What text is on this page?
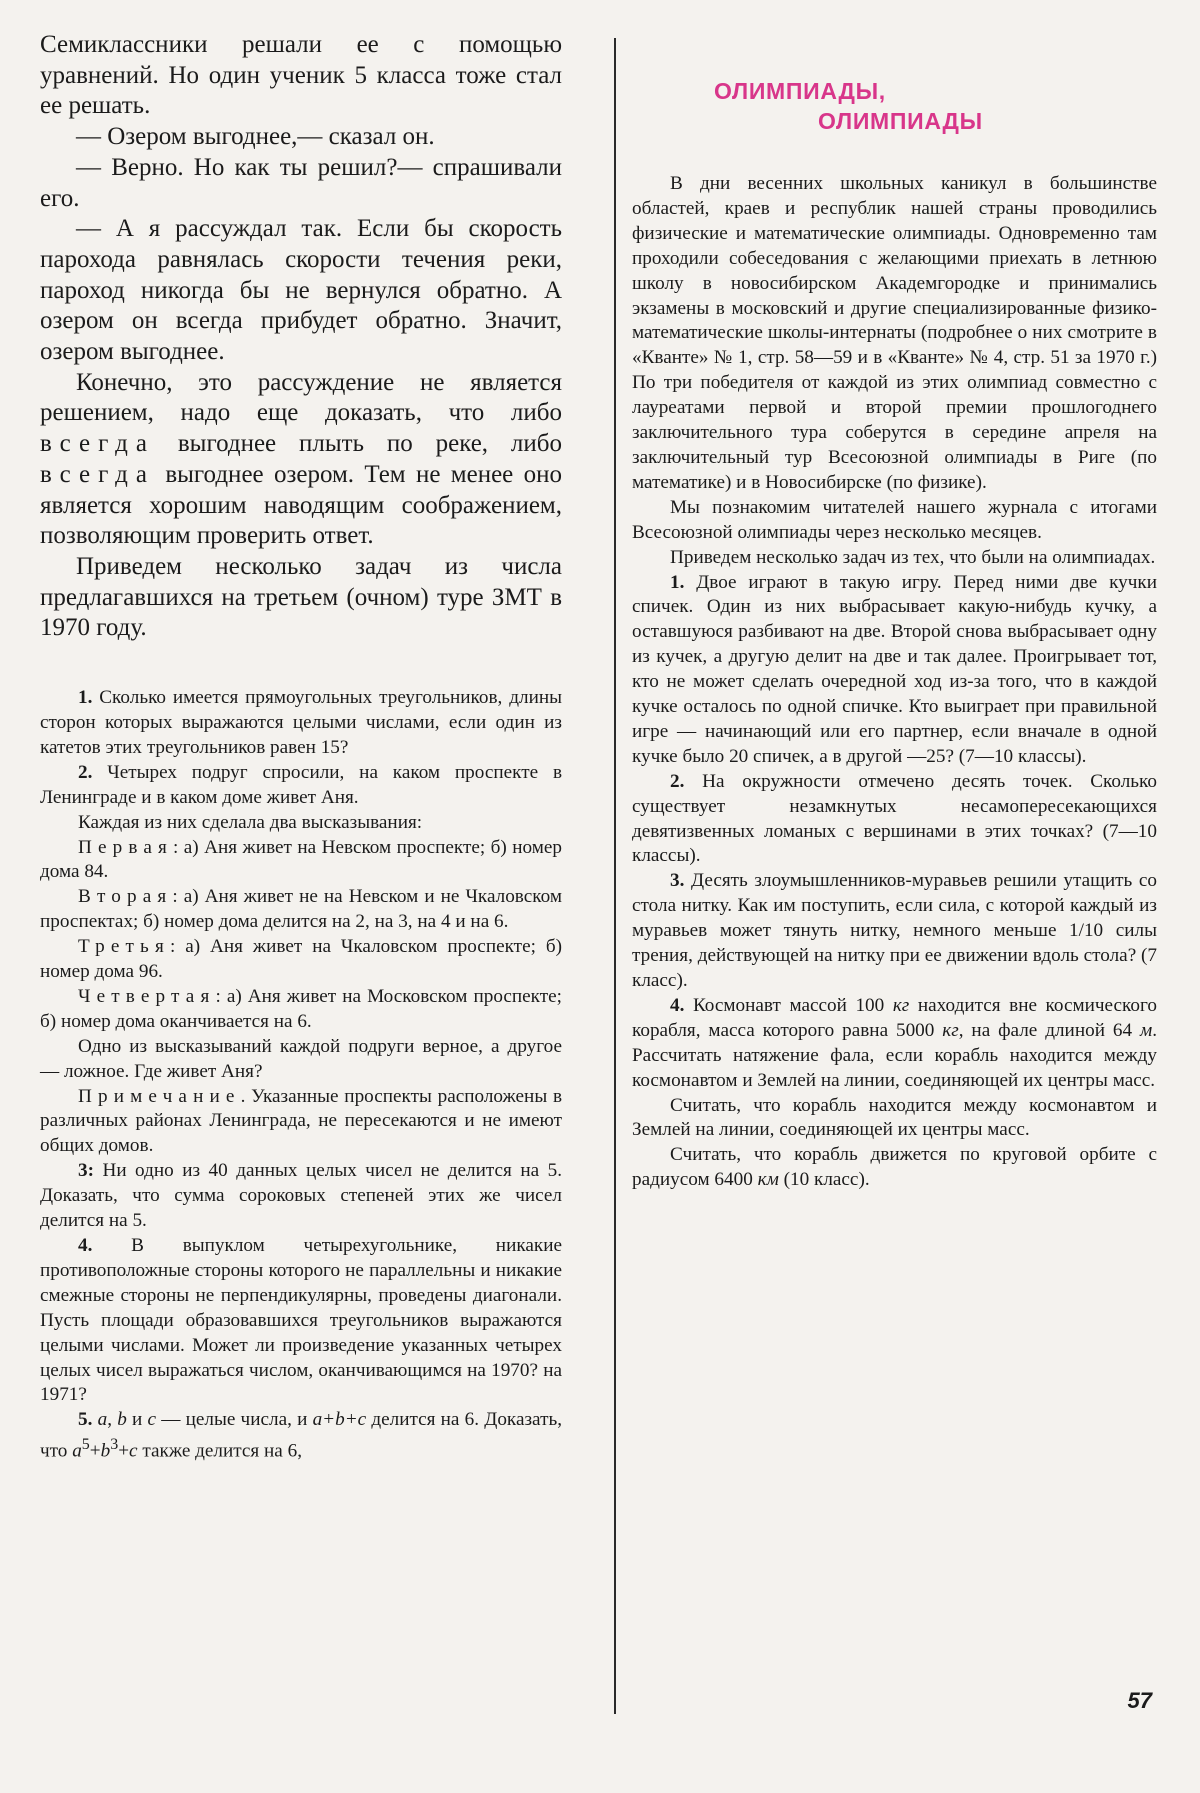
Семиклассники решали ее с помощью уравнений. Но один ученик 5 класса тоже стал ее решать.

— Озером выгоднее,— сказал он.

— Верно. Но как ты решил?— спрашивали его.

— А я рассуждал так. Если бы скорость парохода равнялась скорости течения реки, пароход никогда бы не вернулся обратно. А озером он всегда прибудет обратно. Значит, озером выгоднее.

Конечно, это рассуждение не является решением, надо еще доказать, что либо всегда выгоднее плыть по реке, либо всегда выгоднее озером. Тем не менее оно является хорошим наводящим соображением, позволяющим проверить ответ.

Приведем несколько задач из числа предлагавшихся на третьем (очном) туре ЗМТ в 1970 году.

1. Сколько имеется прямоугольных треугольников, длины сторон которых выражаются целыми числами, если один из катетов этих треугольников равен 15?

2. Четырех подруг спросили, на каком проспекте в Ленинграде и в каком доме живет Аня.

Каждая из них сделала два высказывания:

Первая: а) Аня живет на Невском проспекте; б) номер дома 84.

Вторая: а) Аня живет не на Невском и не Чкаловском проспектах; б) номер дома делится на 2, на 3, на 4 и на 6.

Третья: а) Аня живет на Чкаловском проспекте; б) номер дома 96.

Четвертая: а) Аня живет на Московском проспекте; б) номер дома оканчивается на 6.

Одно из высказываний каждой подруги верное, а другое — ложное. Где живет Аня?

Примечание. Указанные проспекты расположены в различных районах Ленинграда, не пересекаются и не имеют общих домов.

3: Ни одно из 40 данных целых чисел не делится на 5. Доказать, что сумма сороковых степеней этих же чисел делится на 5.

4. В выпуклом четырехугольнике, никакие противоположные стороны которого не параллельны и никакие смежные стороны не перпендикулярны, проведены диагонали. Пусть площади образовавшихся треугольников выражаются целыми числами. Может ли произведение указанных четырех целых чисел выражаться числом, оканчивающимся на 1970? на 1971?

5. a, b и c — целые числа, и a+b+c делится на 6. Доказать, что $a^5+b^3+c$ также делится на 6,

ОЛИМПИАДЫ,
ОЛИМПИАДЫ

В дни весенних школьных каникул в большинстве областей, краев и республик нашей страны проводились физические и математические олимпиады. Одновременно там проходили собеседования с желающими приехать в летнюю школу в новосибирском Академгородке и принимались экзамены в московский и другие специализированные физико-математические школы-интернаты (подробнее о них смотрите в «Кванте» № 1, стр. 58—59 и в «Кванте» № 4, стр. 51 за 1970 г.) По три победителя от каждой из этих олимпиад совместно с лауреатами первой и второй премии прошлогоднего заключительного тура соберутся в середине апреля на заключительный тур Всесоюзной олимпиады в Риге (по математике) и в Новосибирске (по физике).

Мы познакомим читателей нашего журнала с итогами Всесоюзной олимпиады через несколько месяцев.

Приведем несколько задач из тех, что были на олимпиадах.

1. Двое играют в такую игру. Перед ними две кучки спичек. Один из них выбрасывает какую-нибудь кучку, а оставшуюся разбивают на две. Второй снова выбрасывает одну из кучек, а другую делит на две и так далее. Проигрывает тот, кто не может сделать очередной ход из-за того, что в каждой кучке осталось по одной спичке. Кто выиграет при правильной игре — начинающий или его партнер, если вначале в одной кучке было 20 спичек, а в другой —25? (7—10 классы).

2. На окружности отмечено десять точек. Сколько существует незамкнутых несамопересекающихся девятизвенных ломаных с вершинами в этих точках? (7—10 классы).

3. Десять злоумышленников-муравьев решили утащить со стола нитку. Как им поступить, если сила, с которой каждый из муравьев может тянуть нитку, немного меньше 1/10 силы трения, действующей на нитку при ее движении вдоль стола? (7 класс).

4. Космонавт массой 100 кг находится вне космического корабля, масса которого равна 5000 кг, на фале длиной 64 м. Рассчитать натяжение фала, если корабль находится между космонавтом и Землей на линии, соединяющей их центры масс.

Считать, что корабль находится между космонавтом и Землей на линии, соединяющей их центры масс.

Считать, что корабль движется по круговой орбите с радиусом 6400 км (10 класс).

57
